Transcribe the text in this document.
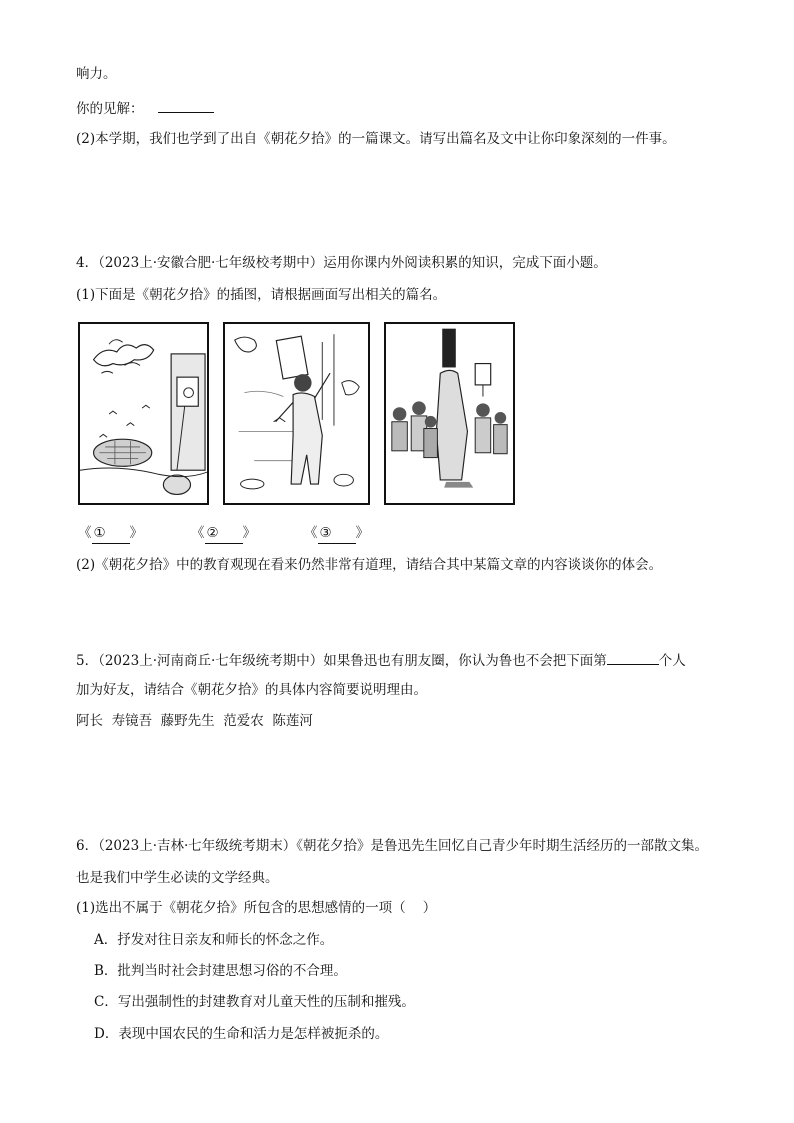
响力。
你的见解：
(2)本学期，我们也学到了出自《朝花夕拾》的一篇课文。请写出篇名及文中让你印象深刻的一件事。
4．（2023上·安徽合肥·七年级校考期中）运用你课内外阅读积累的知识，完成下面小题。
(1)下面是《朝花夕拾》的插图，请根据画面写出相关的篇名。
《 ① 》	《 ② 》	《 ③ 》
(2)《朝花夕拾》中的教育观现在看来仍然非常有道理，请结合其中某篇文章的内容谈谈你的体会。
5．（2023上·河南商丘·七年级统考期中）如果鲁迅也有朋友圈，你认为鲁也不会把下面第	个人
加为好友，请结合《朝花夕拾》的具体内容简要说明理由。
阿长  寿镜吾  藤野先生  范爱农  陈莲河
6．（2023上·吉林·七年级统考期末）《朝花夕拾》是鲁迅先生回忆自己青少年时期生活经历的一部散文集。
也是我们中学生必读的文学经典。
(1)选出不属于《朝花夕拾》所包含的思想感情的一项（    ）
A．抒发对往日亲友和师长的怀念之作。
B．批判当时社会封建思想习俗的不合理。
C．写出强制性的封建教育对儿童天性的压制和摧残。
D．表现中国农民的生命和活力是怎样被扼杀的。
